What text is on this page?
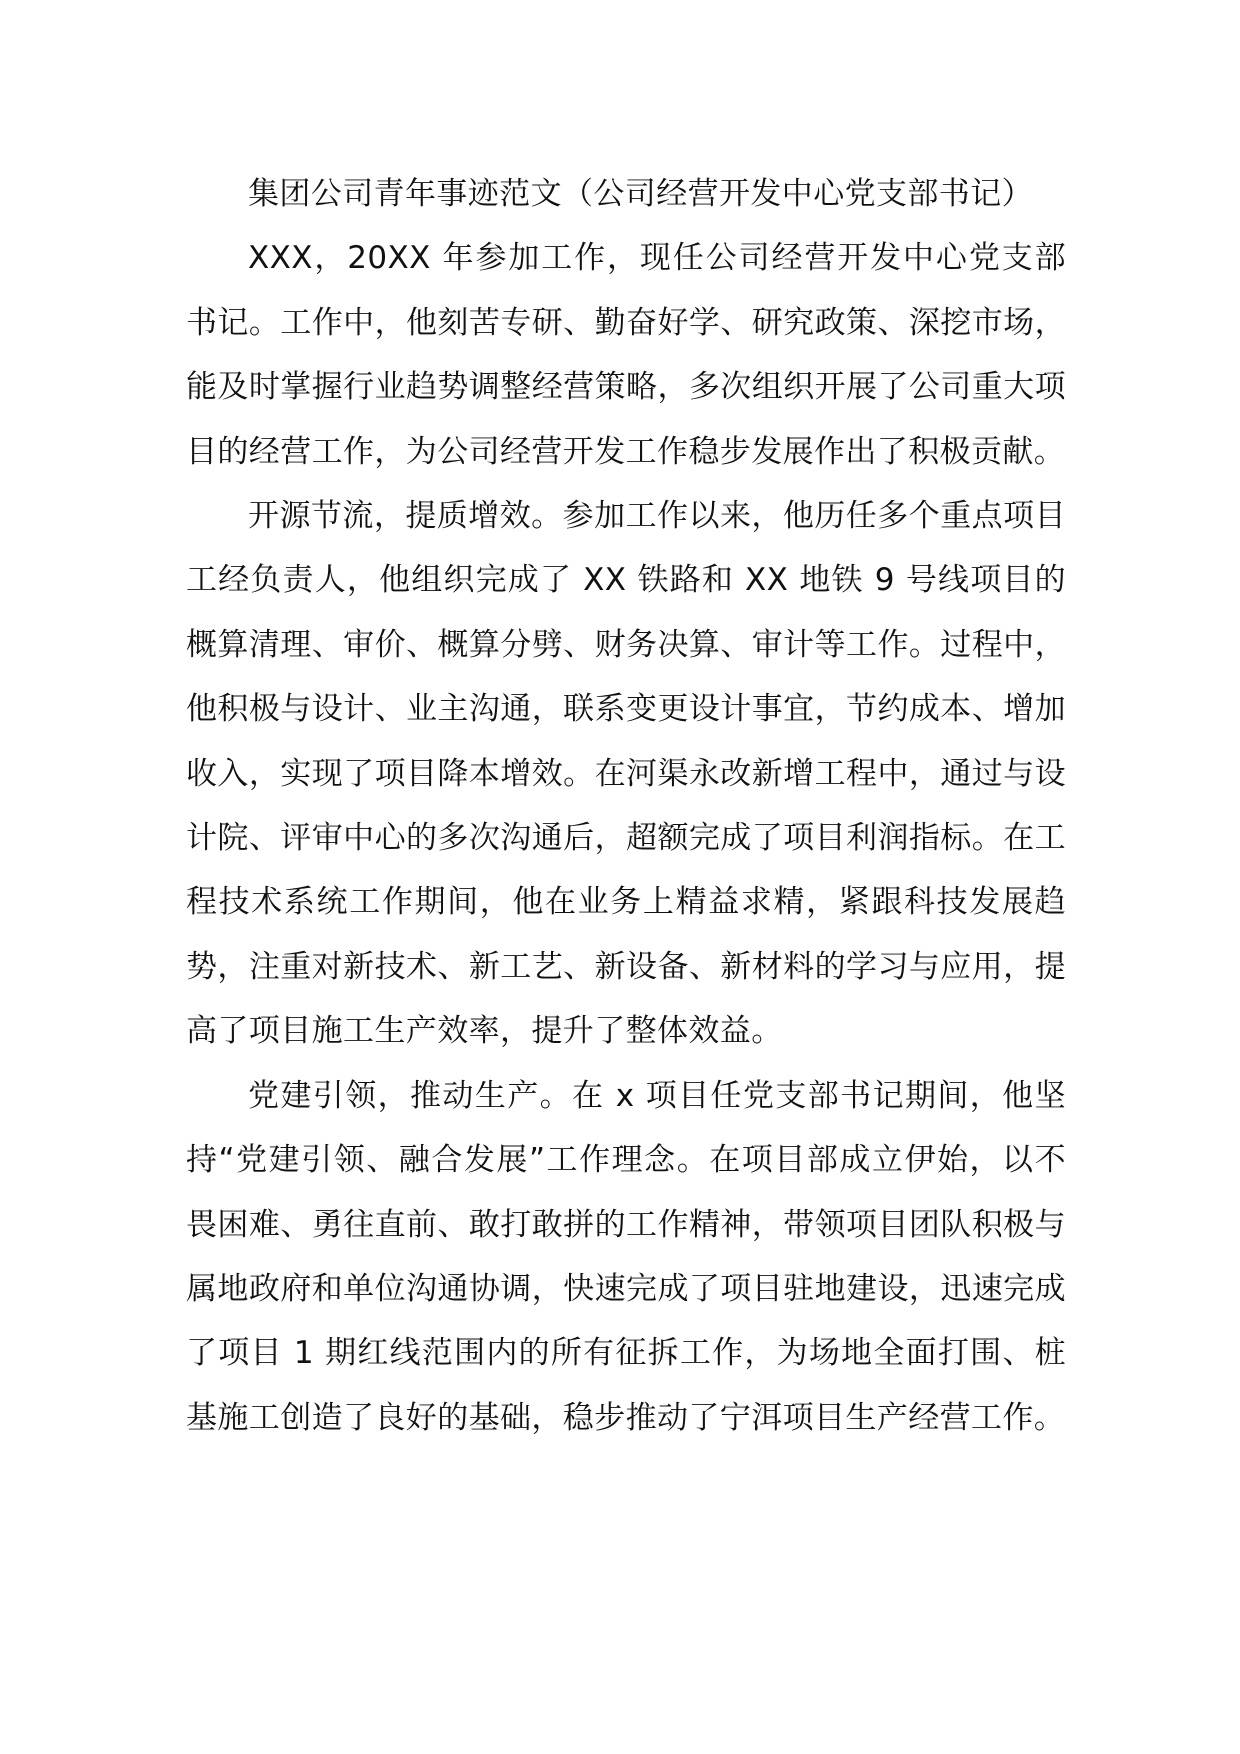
集团公司青年事迹范文（公司经营开发中心党支部书记）

XXX，20XX 年参加工作，现任公司经营开发中心党支部书记。工作中，他刻苦专研、勤奋好学、研究政策、深挖市场，能及时掌握行业趋势调整经营策略，多次组织开展了公司重大项目的经营工作，为公司经营开发工作稳步发展作出了积极贡献。

开源节流，提质增效。参加工作以来，他历任多个重点项目工经负责人，他组织完成了 XX 铁路和 XX 地铁 9 号线项目的概算清理、审价、概算分劈、财务决算、审计等工作。过程中，他积极与设计、业主沟通，联系变更设计事宜，节约成本、增加收入，实现了项目降本增效。在河渠永改新增工程中，通过与设计院、评审中心的多次沟通后，超额完成了项目利润指标。在工程技术系统工作期间，他在业务上精益求精，紧跟科技发展趋势，注重对新技术、新工艺、新设备、新材料的学习与应用，提高了项目施工生产效率，提升了整体效益。

党建引领，推动生产。在 x 项目任党支部书记期间，他坚持“党建引领、融合发展”工作理念。在项目部成立伊始，以不畏困难、勇往直前、敢打敢拼的工作精神，带领项目团队积极与属地政府和单位沟通协调，快速完成了项目驻地建设，迅速完成了项目 1 期红线范围内的所有征拆工作，为场地全面打围、桩基施工创造了良好的基础，稳步推动了宁洱项目生产经营工作。
